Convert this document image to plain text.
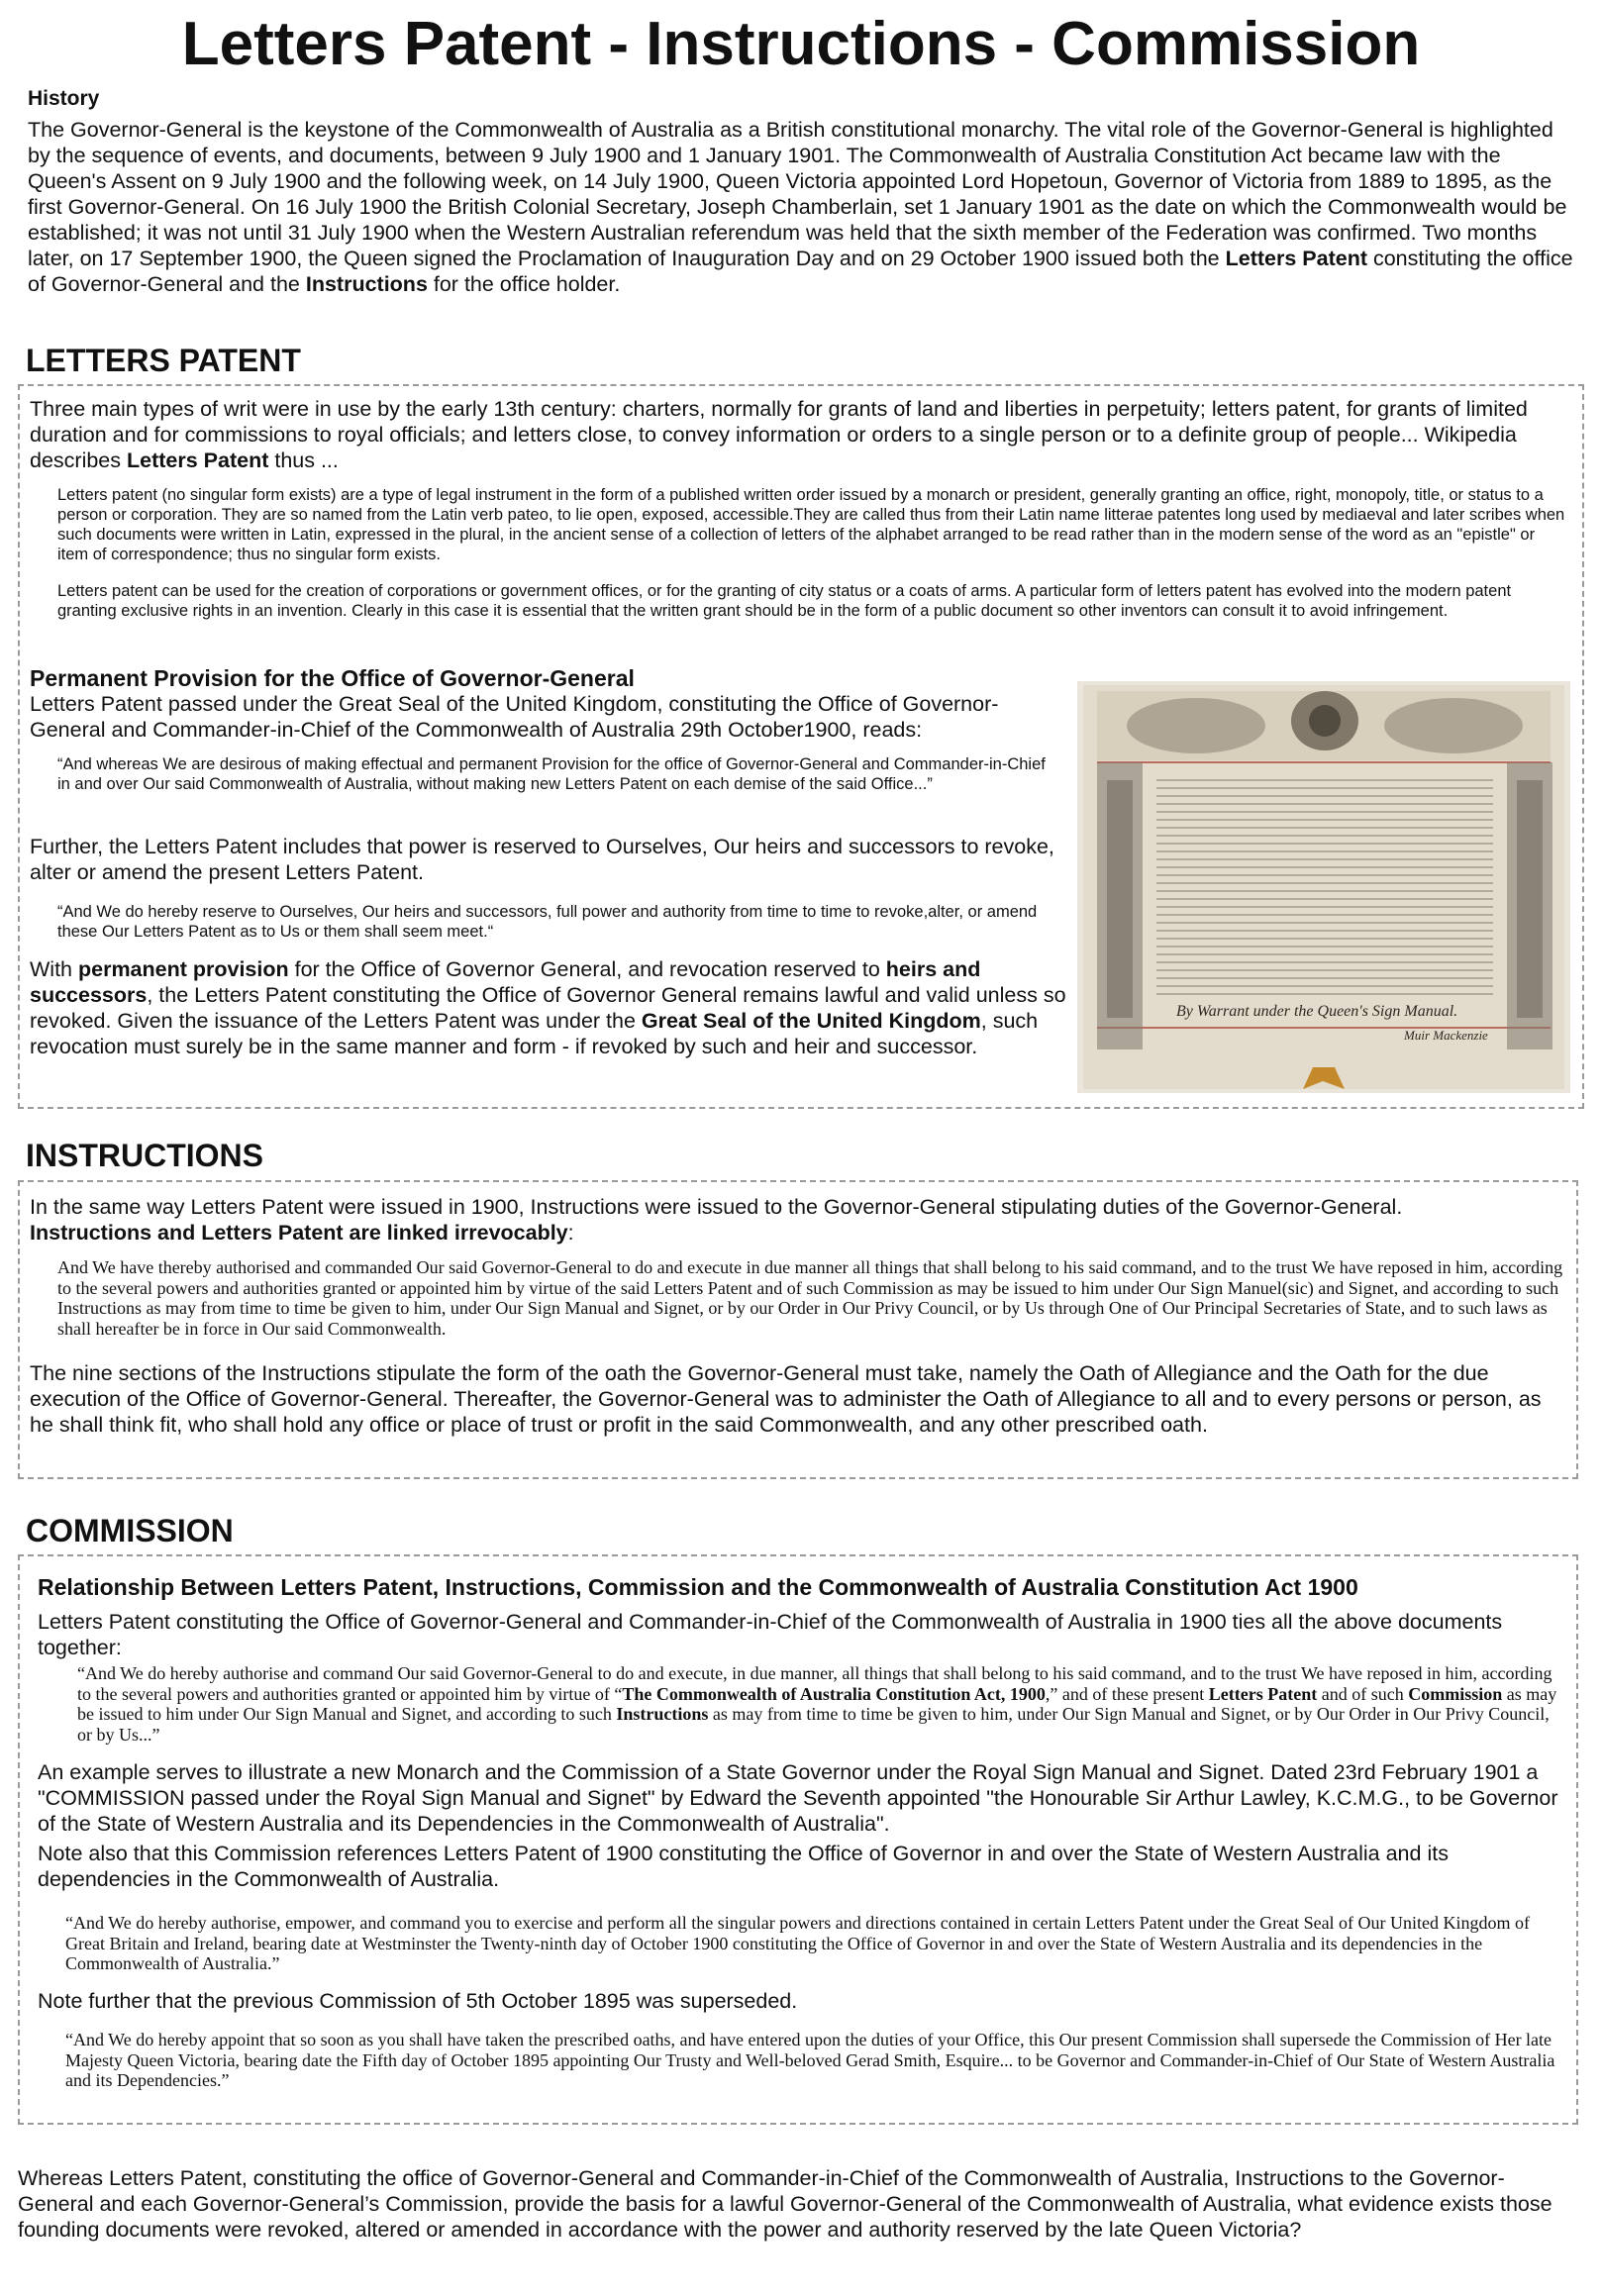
Letters Patent - Instructions - Commission
History

The Governor-General is the keystone of the Commonwealth of Australia as a British constitutional monarchy. The vital role of the Governor-General is highlighted by the sequence of events, and documents, between 9 July 1900 and 1 January 1901. The Commonwealth of Australia Constitution Act became law with the Queen's Assent on 9 July 1900 and the following week, on 14 July 1900, Queen Victoria appointed Lord Hopetoun, Governor of Victoria from 1889 to 1895, as the first Governor-General. On 16 July 1900 the British Colonial Secretary, Joseph Chamberlain, set 1 January 1901 as the date on which the Commonwealth would be established; it was not until 31 July 1900 when the Western Australian referendum was held that the sixth member of the Federation was confirmed. Two months later, on 17 September 1900, the Queen signed the Proclamation of Inauguration Day and on 29 October 1900 issued both the Letters Patent constituting the office of Governor-General and the Instructions for the office holder.

LETTERS PATENT

Three main types of writ were in use by the early 13th century: charters, normally for grants of land and liberties in perpetuity; letters patent, for grants of limited duration and for commissions to royal officials; and letters close, to convey information or orders to a single person or to a definite group of people... Wikipedia describes Letters Patent thus ...

Letters patent (no singular form exists) are a type of legal instrument in the form of a published written order issued by a monarch or president, generally granting an office, right, monopoly, title, or status to a person or corporation. They are so named from the Latin verb pateo, to lie open, exposed, accessible.They are called thus from their Latin name litterae patentes long used by mediaeval and later scribes when such documents were written in Latin, expressed in the plural, in the ancient sense of a collection of letters of the alphabet arranged to be read rather than in the modern sense of the word as an "epistle" or item of correspondence; thus no singular form exists.

Letters patent can be used for the creation of corporations or government offices, or for the granting of city status or a coats of arms. A particular form of letters patent has evolved into the modern patent granting exclusive rights in an invention. Clearly in this case it is essential that the written grant should be in the form of a public document so other inventors can consult it to avoid infringement.

Permanent Provision for the Office of Governor-General

Letters Patent passed under the Great Seal of the United Kingdom, constituting the Office of Governor-General and Commander-in-Chief of the Commonwealth of Australia 29th October1900, reads:

“And whereas We are desirous of making effectual and permanent Provision for the office of Governor-General and Commander-in-Chief in and over Our said Commonwealth of Australia, without making new Letters Patent on each demise of the said Office...”

Further, the Letters Patent includes that power is reserved to Ourselves, Our heirs and successors to revoke, alter or amend the present Letters Patent.

“And We do hereby reserve to Ourselves, Our heirs and successors, full power and authority from time to time to revoke,alter, or amend these Our Letters Patent as to Us or them shall seem meet.“

With permanent provision for the Office of Governor General, and revocation reserved to heirs and successors, the Letters Patent constituting the Office of Governor General remains lawful and valid unless so revoked. Given the issuance of the Letters Patent was under the Great Seal of the United Kingdom, such revocation must surely be in the same manner and form - if revoked by such and heir and successor.

By Warrant under the Queen's Sign Manual.
Muir Mackenzie
INSTRUCTIONS

In the same way Letters Patent were issued in 1900, Instructions were issued to the Governor-General stipulating duties of the Governor-General.
Instructions and Letters Patent are linked irrevocably:

And We have thereby authorised and commanded Our said Governor-General to do and execute in due manner all things that shall belong to his said command, and to the trust We have reposed in him, according to the several powers and authorities granted or appointed him by virtue of the said Letters Patent and of such Commission as may be issued to him under Our Sign Manuel(sic) and Signet, and according to such Instructions as may from time to time be given to him, under Our Sign Manual and Signet, or by our Order in Our Privy Council, or by Us through One of Our Principal Secretaries of State, and to such laws as shall hereafter be in force in Our said Commonwealth.

The nine sections of the Instructions stipulate the form of the oath the Governor-General must take, namely the Oath of Allegiance and the Oath for the due execution of the Office of Governor-General. Thereafter, the Governor-General was to administer the Oath of Allegiance to all and to every persons or person, as he shall think fit, who shall hold any office or place of trust or profit in the said Commonwealth, and any other prescribed oath.

COMMISSION
Relationship Between Letters Patent, Instructions, Commission and the Commonwealth of Australia Constitution Act 1900

Letters Patent constituting the Office of Governor-General and Commander-in-Chief of the Commonwealth of Australia in 1900 ties all the above documents together:

“And We do hereby authorise and command Our said Governor-General to do and execute, in due manner, all things that shall belong to his said command, and to the trust We have reposed in him, according to the several powers and authorities granted or appointed him by virtue of “The Commonwealth of Australia Constitution Act, 1900,” and of these present Letters Patent and of such Commission as may be issued to him under Our Sign Manual and Signet, and according to such Instructions as may from time to time be given to him, under Our Sign Manual and Signet, or by Our Order in Our Privy Council, or by Us...”

An example serves to illustrate a new Monarch and the Commission of a State Governor under the Royal Sign Manual and Signet. Dated 23rd February 1901 a "COMMISSION passed under the Royal Sign Manual and Signet" by Edward the Seventh appointed "the Honourable Sir Arthur Lawley, K.C.M.G., to be Governor of the State of Western Australia and its Dependencies in the Commonwealth of Australia".

Note also that this Commission references Letters Patent of 1900 constituting the Office of Governor in and over the State of Western Australia and its dependencies in the Commonwealth of Australia.

“And We do hereby authorise, empower, and command you to exercise and perform all the singular powers and directions contained in certain Letters Patent under the Great Seal of Our United Kingdom of Great Britain and Ireland, bearing date at Westminster the Twenty-ninth day of October 1900 constituting the Office of Governor in and over the State of Western Australia and its dependencies in the Commonwealth of Australia.”

Note further that the previous Commission of 5th October 1895 was superseded.

“And We do hereby appoint that so soon as you shall have taken the prescribed oaths, and have entered upon the duties of your Office, this Our present Commission shall supersede the Commission of Her late Majesty Queen Victoria, bearing date the Fifth day of October 1895 appointing Our Trusty and Well-beloved Gerad Smith, Esquire... to be Governor and Commander-in-Chief of Our State of Western Australia and its Dependencies.”

Whereas Letters Patent, constituting the office of Governor-General and Commander-in-Chief of the Commonwealth of Australia, Instructions to the Governor-General and each Governor-General’s Commission, provide the basis for a lawful Governor-General of the Commonwealth of Australia, what evidence exists those founding documents were revoked, altered or amended in accordance with the power and authority reserved by the late Queen Victoria?
